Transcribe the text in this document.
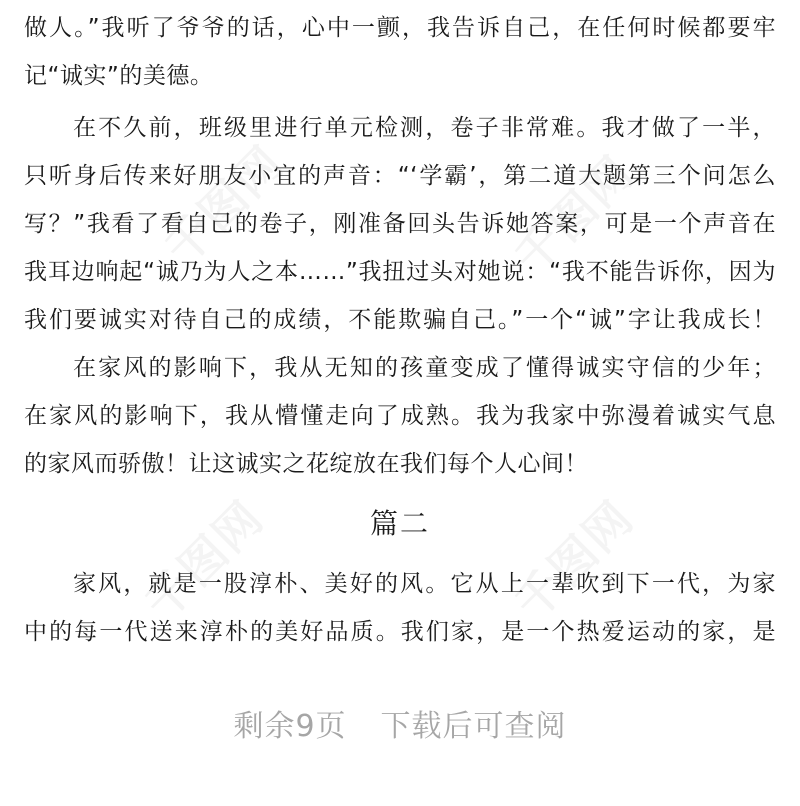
做人。”我听了爷爷的话，心中一颤，我告诉自己，在任何时候都要牢
记“诚实”的美德。
在不久前，班级里进行单元检测，卷子非常难。我才做了一半，
只听身后传来好朋友小宜的声音：“‘学霸’，第二道大题第三个问怎么
写？”我看了看自己的卷子，刚准备回头告诉她答案，可是一个声音在
我耳边响起“诚乃为人之本……”我扭过头对她说：“我不能告诉你，因为
我们要诚实对待自己的成绩，不能欺骗自己。”一个“诚”字让我成长！
在家风的影响下，我从无知的孩童变成了懂得诚实守信的少年；
在家风的影响下，我从懵懂走向了成熟。我为我家中弥漫着诚实气息
的家风而骄傲！让这诚实之花绽放在我们每个人心间！
篇二
家风，就是一股淳朴、美好的风。它从上一辈吹到下一代，为家
中的每一代送来淳朴的美好品质。我们家，是一个热爱运动的家，是
剩余9页 下载后可查阅
